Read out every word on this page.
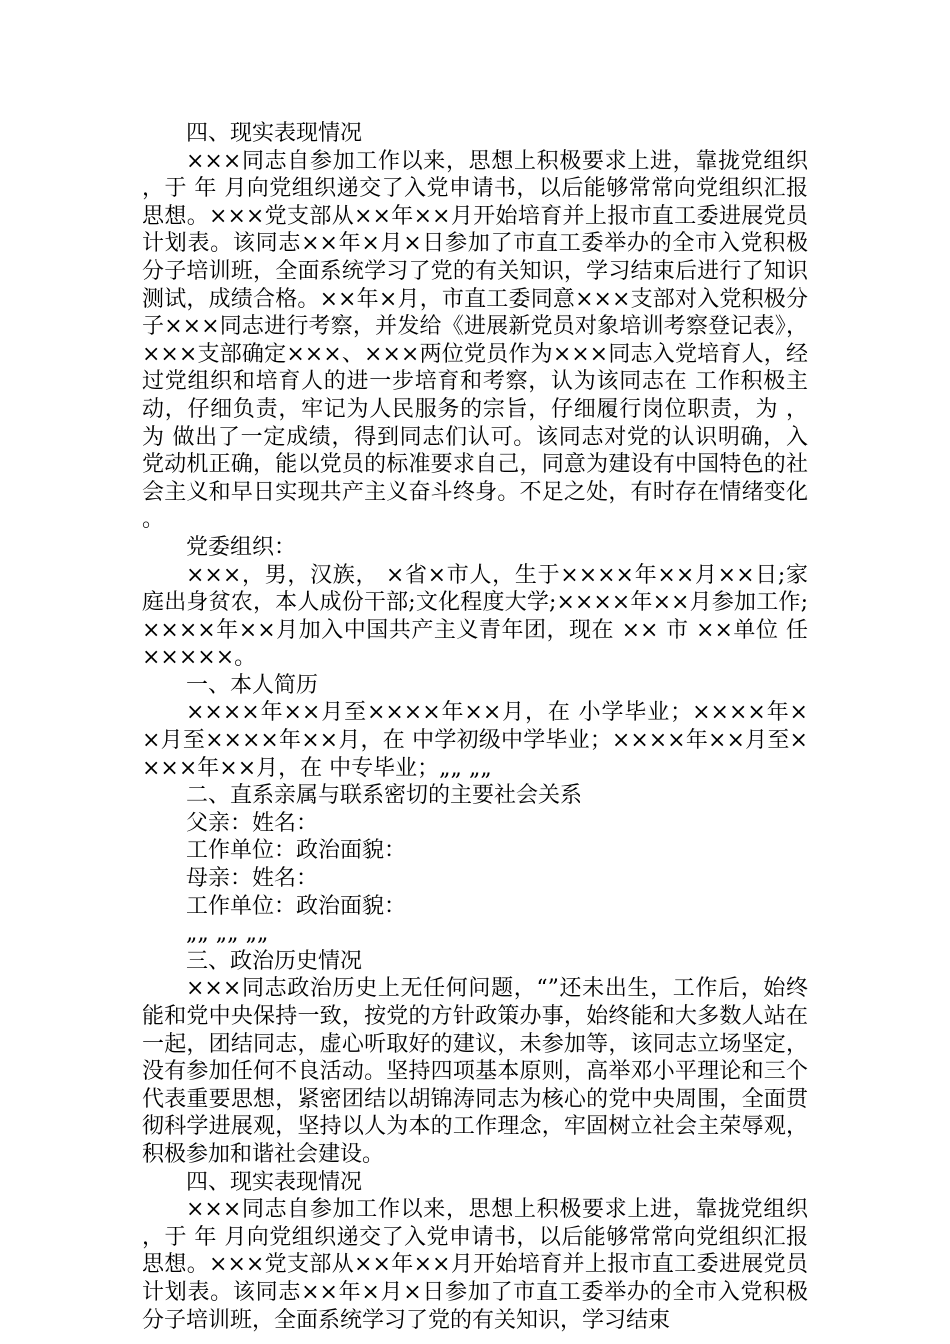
四、现实表现情况

×××同志自参加工作以来，思想上积极要求上进，靠拢党组织，于 年 月向党组织递交了入党申请书，以后能够常常向党组织汇报思想。×××党支部从××年××月开始培育并上报市直工委进展党员计划表。该同志××年×月×日参加了市直工委举办的全市入党积极分子培训班，全面系统学习了党的有关知识，学习结束后进行了知识测试，成绩合格。××年×月，市直工委同意×××支部对入党积极分子×××同志进行考察，并发给《进展新党员对象培训考察登记表》，×××支部确定×××、×××两位党员作为×××同志入党培育人，经过党组织和培育人的进一步培育和考察，认为该同志在 工作积极主动，仔细负责，牢记为人民服务的宗旨，仔细履行岗位职责，为 ，为 做出了一定成绩，得到同志们认可。该同志对党的认识明确，入党动机正确，能以党员的标准要求自己，同意为建设有中国特色的社会主义和早日实现共产主义奋斗终身。不足之处，有时存在情绪变化。

党委组织：

×××，男，汉族， ×省×市人，生于××××年××月××日;家庭出身贫农，本人成份干部;文化程度大学;××××年××月参加工作;××××年××月加入中国共产主义青年团，现在 ×× 市 ××单位 任×××××。

一、本人简历

××××年××月至××××年××月，在 小学毕业；××××年××月至××××年××月，在 中学初级中学毕业；××××年××月至××××年××月，在 中专毕业；„„ „„

二、直系亲属与联系密切的主要社会关系

父亲：姓名：

工作单位：政治面貌：

母亲：姓名：

工作单位：政治面貌：

„„ „„ „„

三、政治历史情况

×××同志政治历史上无任何问题，“”还未出生，工作后，始终能和党中央保持一致，按党的方针政策办事，始终能和大多数人站在一起，团结同志，虚心听取好的建议，未参加等，该同志立场坚定，没有参加任何不良活动。坚持四项基本原则，高举邓小平理论和三个代表重要思想，紧密团结以胡锦涛同志为核心的党中央周围，全面贯彻科学进展观，坚持以人为本的工作理念，牢固树立社会主荣辱观，积极参加和谐社会建设。

四、现实表现情况

×××同志自参加工作以来，思想上积极要求上进，靠拢党组织，于 年 月向党组织递交了入党申请书，以后能够常常向党组织汇报思想。×××党支部从××年××月开始培育并上报市直工委进展党员计划表。该同志××年×月×日参加了市直工委举办的全市入党积极分子培训班，全面系统学习了党的有关知识，学习结束
